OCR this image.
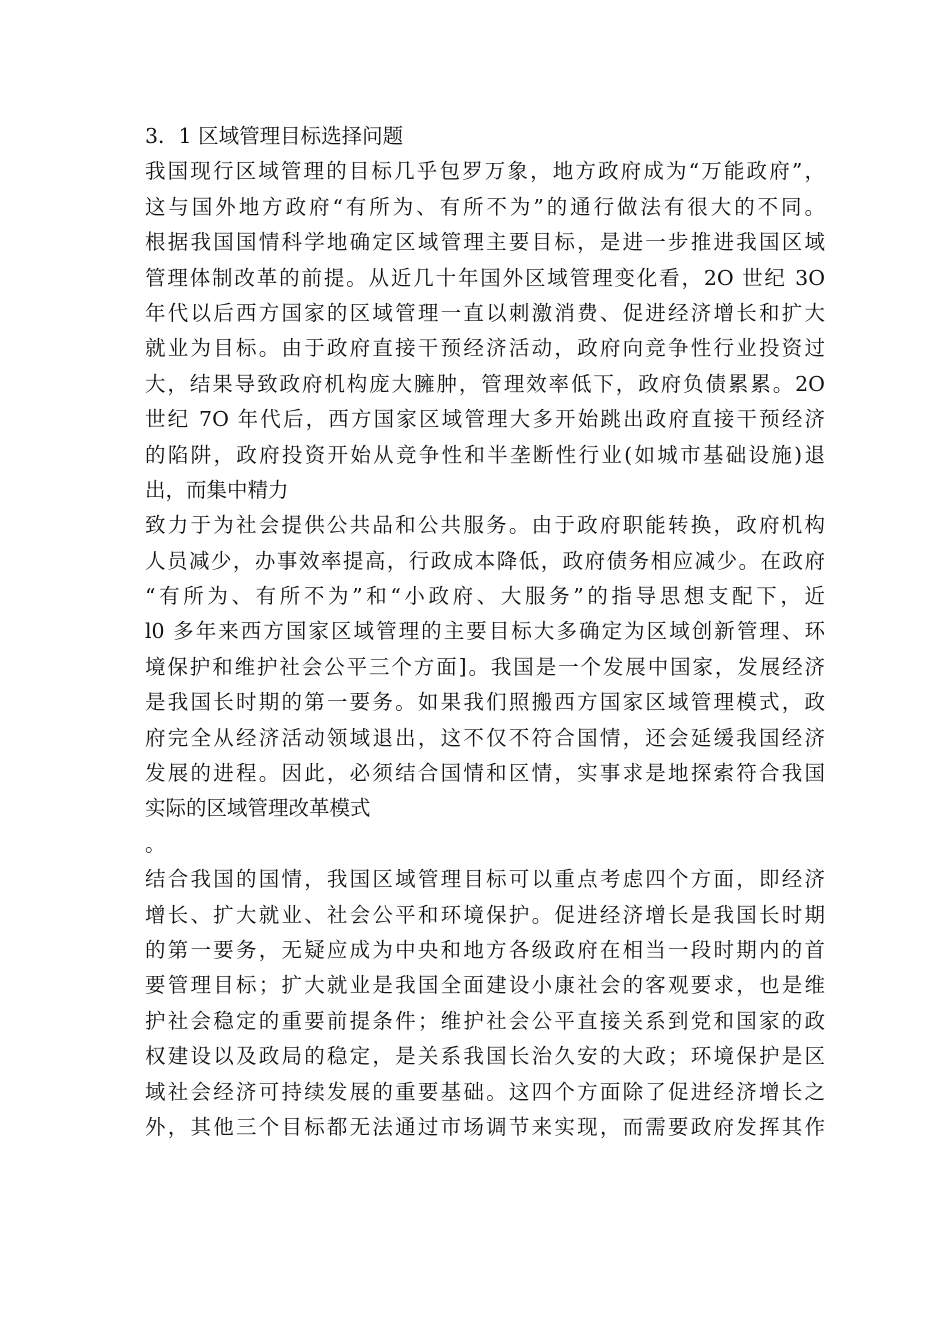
3．1 区域管理目标选择问题
我国现行区域管理的目标几乎包罗万象，地方政府成为“万能政府”，
这与国外地方政府“有所为、有所不为”的通行做法有很大的不同。
根据我国国情科学地确定区域管理主要目标，是进一步推进我国区域
管理体制改革的前提。从近几十年国外区域管理变化看，2O 世纪 3O
年代以后西方国家的区域管理一直以刺激消费、促进经济增长和扩大
就业为目标。由于政府直接干预经济活动，政府向竞争性行业投资过
大，结果导致政府机构庞大臃肿，管理效率低下，政府负债累累。2O
世纪 7O 年代后，西方国家区域管理大多开始跳出政府直接干预经济
的陷阱，政府投资开始从竞争性和半垄断性行业(如城市基础设施)退
出，而集中精力
致力于为社会提供公共品和公共服务。由于政府职能转换，政府机构
人员减少，办事效率提高，行政成本降低，政府债务相应减少。在政府
“有所为、有所不为”和“小政府、大服务”的指导思想支配下，近
l0 多年来西方国家区域管理的主要目标大多确定为区域创新管理、环
境保护和维护社会公平三个方面]。我国是一个发展中国家，发展经济
是我国长时期的第一要务。如果我们照搬西方国家区域管理模式，政
府完全从经济活动领域退出，这不仅不符合国情，还会延缓我国经济
发展的进程。因此，必须结合国情和区情，实事求是地探索符合我国
实际的区域管理改革模式
。
结合我国的国情，我国区域管理目标可以重点考虑四个方面，即经济
增长、扩大就业、社会公平和环境保护。促进经济增长是我国长时期
的第一要务，无疑应成为中央和地方各级政府在相当一段时期内的首
要管理目标；扩大就业是我国全面建设小康社会的客观要求，也是维
护社会稳定的重要前提条件；维护社会公平直接关系到党和国家的政
权建设以及政局的稳定，是关系我国长治久安的大政；环境保护是区
域社会经济可持续发展的重要基础。这四个方面除了促进经济增长之
外，其他三个目标都无法通过市场调节来实现，而需要政府发挥其作
